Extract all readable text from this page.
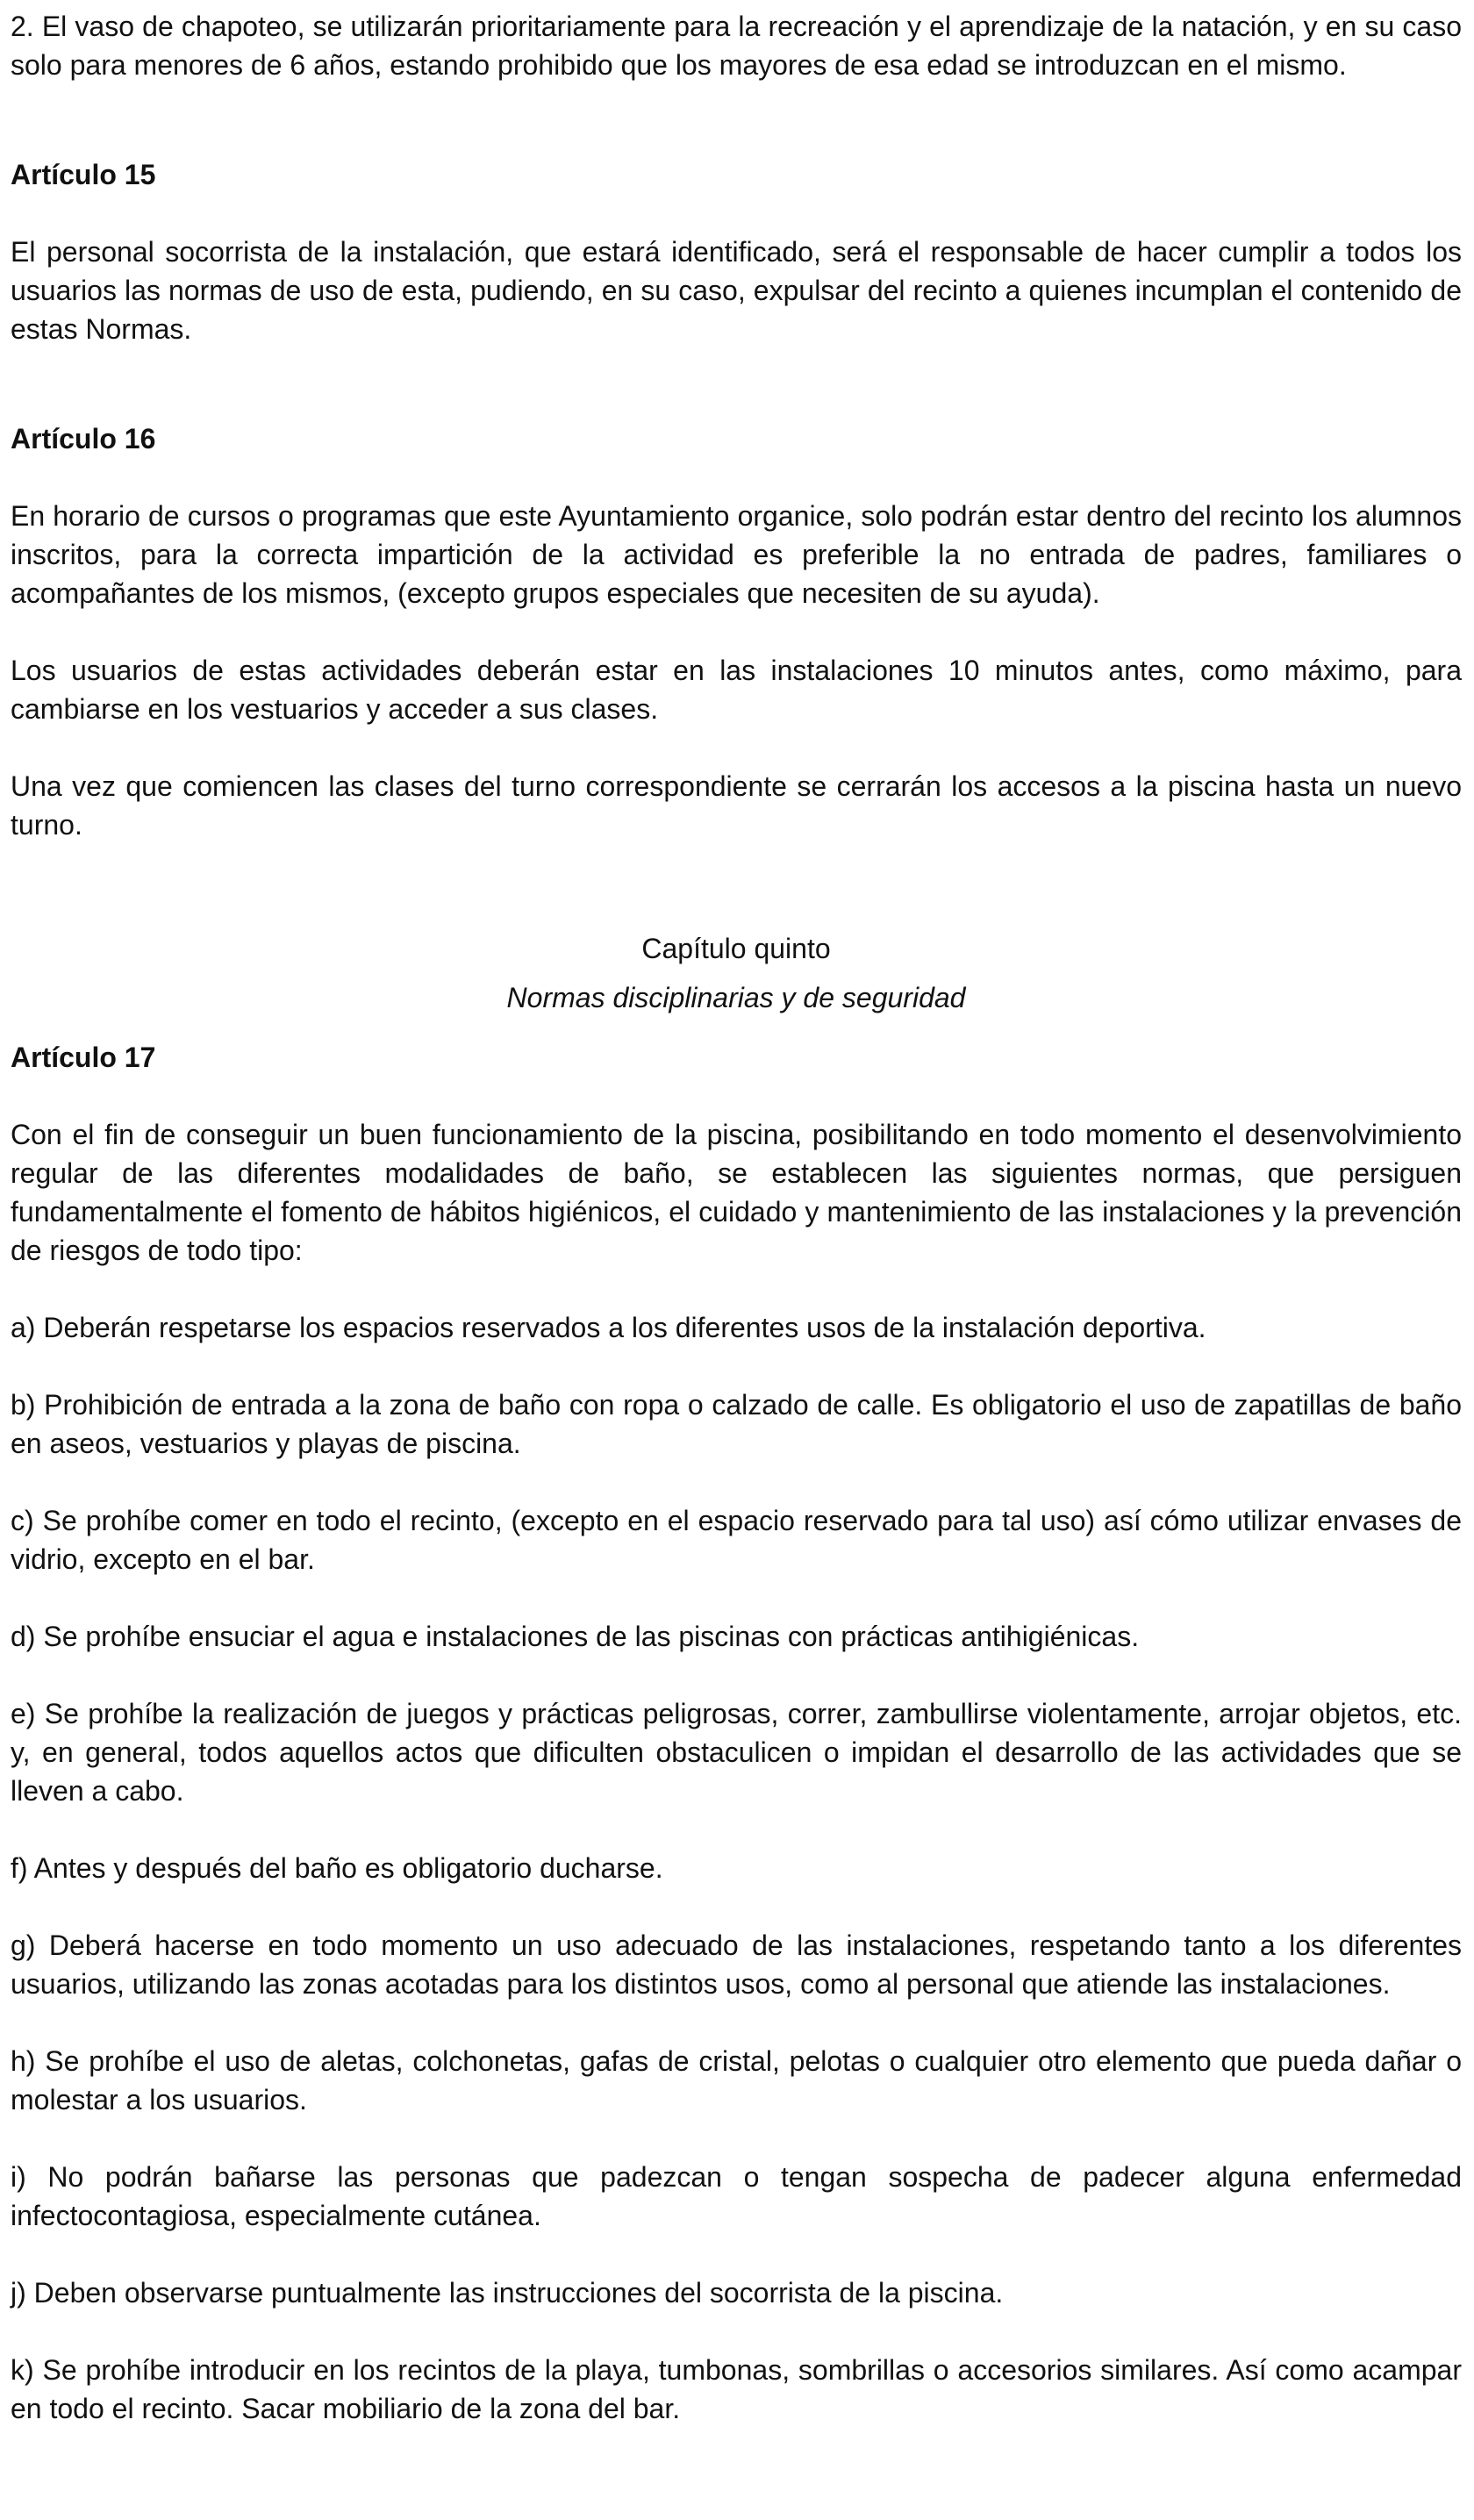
2. El vaso de chapoteo, se utilizarán prioritariamente para la recreación y el aprendizaje de la natación, y en su caso solo para menores de 6 años, estando prohibido que los mayores de esa edad se introduzcan en el mismo.

Artículo 15

El personal socorrista de la instalación, que estará identificado, será el responsable de hacer cumplir a todos los usuarios las normas de uso de esta, pudiendo, en su caso, expulsar del recinto a quienes incumplan el contenido de estas Normas.

Artículo 16

En horario de cursos o programas que este Ayuntamiento organice, solo podrán estar dentro del recinto los alumnos inscritos, para la correcta impartición de la actividad es preferible la no entrada de padres, familiares o acompañantes de los mismos, (excepto grupos especiales que necesiten de su ayuda).

Los usuarios de estas actividades deberán estar en las instalaciones 10 minutos antes, como máximo, para cambiarse en los vestuarios y acceder a sus clases.

Una vez que comiencen las clases del turno correspondiente se cerrarán los accesos a la piscina hasta un nuevo turno.

Capítulo quinto

Normas disciplinarias y de seguridad

Artículo 17

Con el fin de conseguir un buen funcionamiento de la piscina, posibilitando en todo momento el desenvolvimiento regular de las diferentes modalidades de baño, se establecen las siguientes normas, que persiguen fundamentalmente el fomento de hábitos higiénicos, el cuidado y mantenimiento de las instalaciones y la prevención de riesgos de todo tipo:

a) Deberán respetarse los espacios reservados a los diferentes usos de la instalación deportiva.

b) Prohibición de entrada a la zona de baño con ropa o calzado de calle. Es obligatorio el uso de zapatillas de baño en aseos, vestuarios y playas de piscina.

c) Se prohíbe comer en todo el recinto, (excepto en el espacio reservado para tal uso) así cómo utilizar envases de vidrio, excepto en el bar.

d) Se prohíbe ensuciar el agua e instalaciones de las piscinas con prácticas antihigiénicas.

e) Se prohíbe la realización de juegos y prácticas peligrosas, correr, zambullirse violentamente, arrojar objetos, etc. y, en general, todos aquellos actos que dificulten obstaculicen o impidan el desarrollo de las actividades que se lleven a cabo.

f) Antes y después del baño es obligatorio ducharse.

g) Deberá hacerse en todo momento un uso adecuado de las instalaciones, respetando tanto a los diferentes usuarios, utilizando las zonas acotadas para los distintos usos, como al personal que atiende las instalaciones.

h) Se prohíbe el uso de aletas, colchonetas, gafas de cristal, pelotas o cualquier otro elemento que pueda dañar o molestar a los usuarios.

i) No podrán bañarse las personas que padezcan o tengan sospecha de padecer alguna enfermedad infectocontagiosa, especialmente cutánea.

j) Deben observarse puntualmente las instrucciones del socorrista de la piscina.

k) Se prohíbe introducir en los recintos de la playa, tumbonas, sombrillas o accesorios similares. Así como acampar en todo el recinto. Sacar mobiliario de la zona del bar.
